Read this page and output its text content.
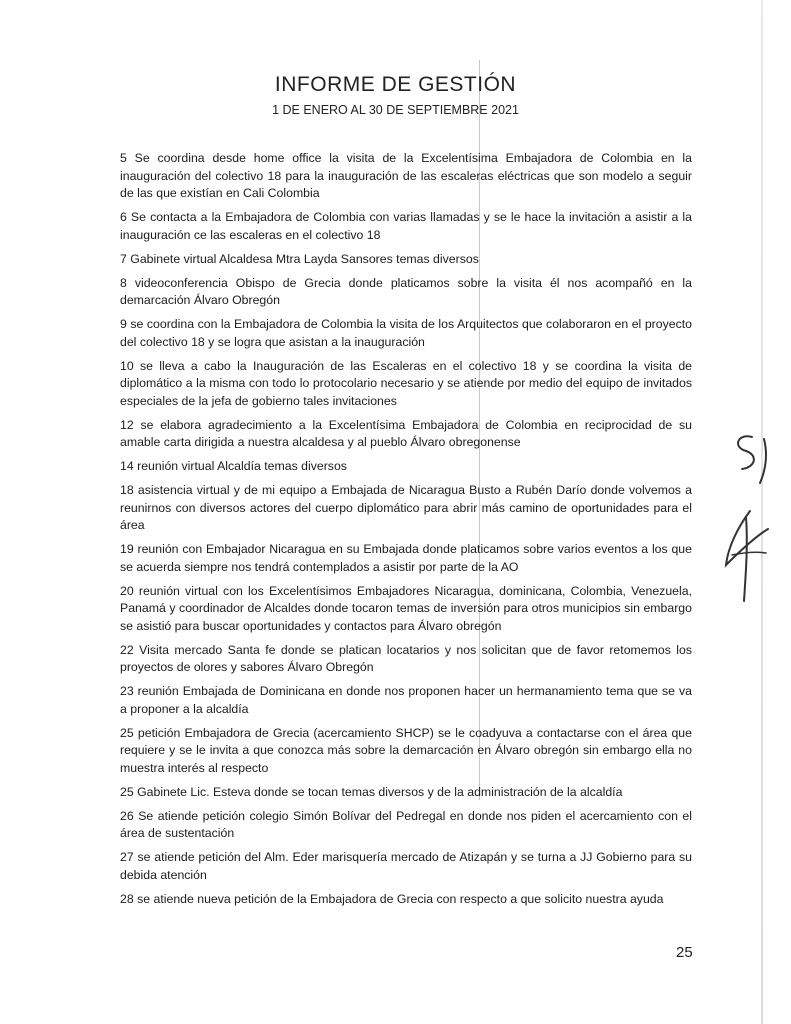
INFORME DE GESTIÓN
1 DE ENERO AL 30 DE SEPTIEMBRE 2021

5 Se coordina desde home office la visita de la Excelentísima Embajadora de Colombia en la inauguración del colectivo 18 para la inauguración de las escaleras eléctricas que son modelo a seguir de las que existían en Cali Colombia

6 Se contacta a la Embajadora de Colombia con varias llamadas y se le hace la invitación a asistir a la inauguración ce las escaleras en el colectivo 18

7 Gabinete virtual Alcaldesa Mtra Layda Sansores temas diversos

8 videoconferencia Obispo de Grecia donde platicamos sobre la visita él nos acompañó en la demarcación Álvaro Obregón

9 se coordina con la Embajadora de Colombia la visita de los Arquitectos que colaboraron en el proyecto del colectivo 18 y se logra que asistan a la inauguración

10 se lleva a cabo la Inauguración de las Escaleras en el colectivo 18 y se coordina la visita de diplomático a la misma con todo lo protocolario necesario y se atiende por medio del equipo de invitados especiales de la jefa de gobierno tales invitaciones

12 se elabora agradecimiento a la Excelentísima Embajadora de Colombia en reciprocidad de su amable carta dirigida a nuestra alcaldesa y al pueblo Álvaro obregonense

14 reunión virtual Alcaldía temas diversos

18 asistencia virtual y de mi equipo a Embajada de Nicaragua Busto a Rubén Darío donde volvemos a reunirnos con diversos actores del cuerpo diplomático para abrir más camino de oportunidades para el área

19 reunión con Embajador Nicaragua en su Embajada donde platicamos sobre varios eventos a los que se acuerda siempre nos tendrá contemplados a asistir por parte de la AO

20 reunión virtual con los Excelentísimos Embajadores Nicaragua, dominicana, Colombia, Venezuela, Panamá y coordinador de Alcaldes donde tocaron temas de inversión para otros municipios sin embargo se asistió para buscar oportunidades y contactos para Álvaro obregón

22 Visita mercado Santa fe donde se platican locatarios y nos solicitan que de favor retomemos los proyectos de olores y sabores Álvaro Obregón

23 reunión Embajada de Dominicana en donde nos proponen hacer un hermanamiento tema que se va a proponer a la alcaldía

25 petición Embajadora de Grecia (acercamiento SHCP) se le coadyuva a contactarse con el área que requiere y se le invita a que conozca más sobre la demarcación en Álvaro obregón sin embargo ella no muestra interés al respecto

25 Gabinete Lic. Esteva donde se tocan temas diversos y de la administración de la alcaldía

26 Se atiende petición colegio Simón Bolívar del Pedregal en donde nos piden el acercamiento con el área de sustentación

27 se atiende petición del Alm. Eder marisquería mercado de Atizapán y se turna a JJ Gobierno para su debida atención

28 se atiende nueva petición de la Embajadora de Grecia con respecto a que solicito nuestra ayuda

25
